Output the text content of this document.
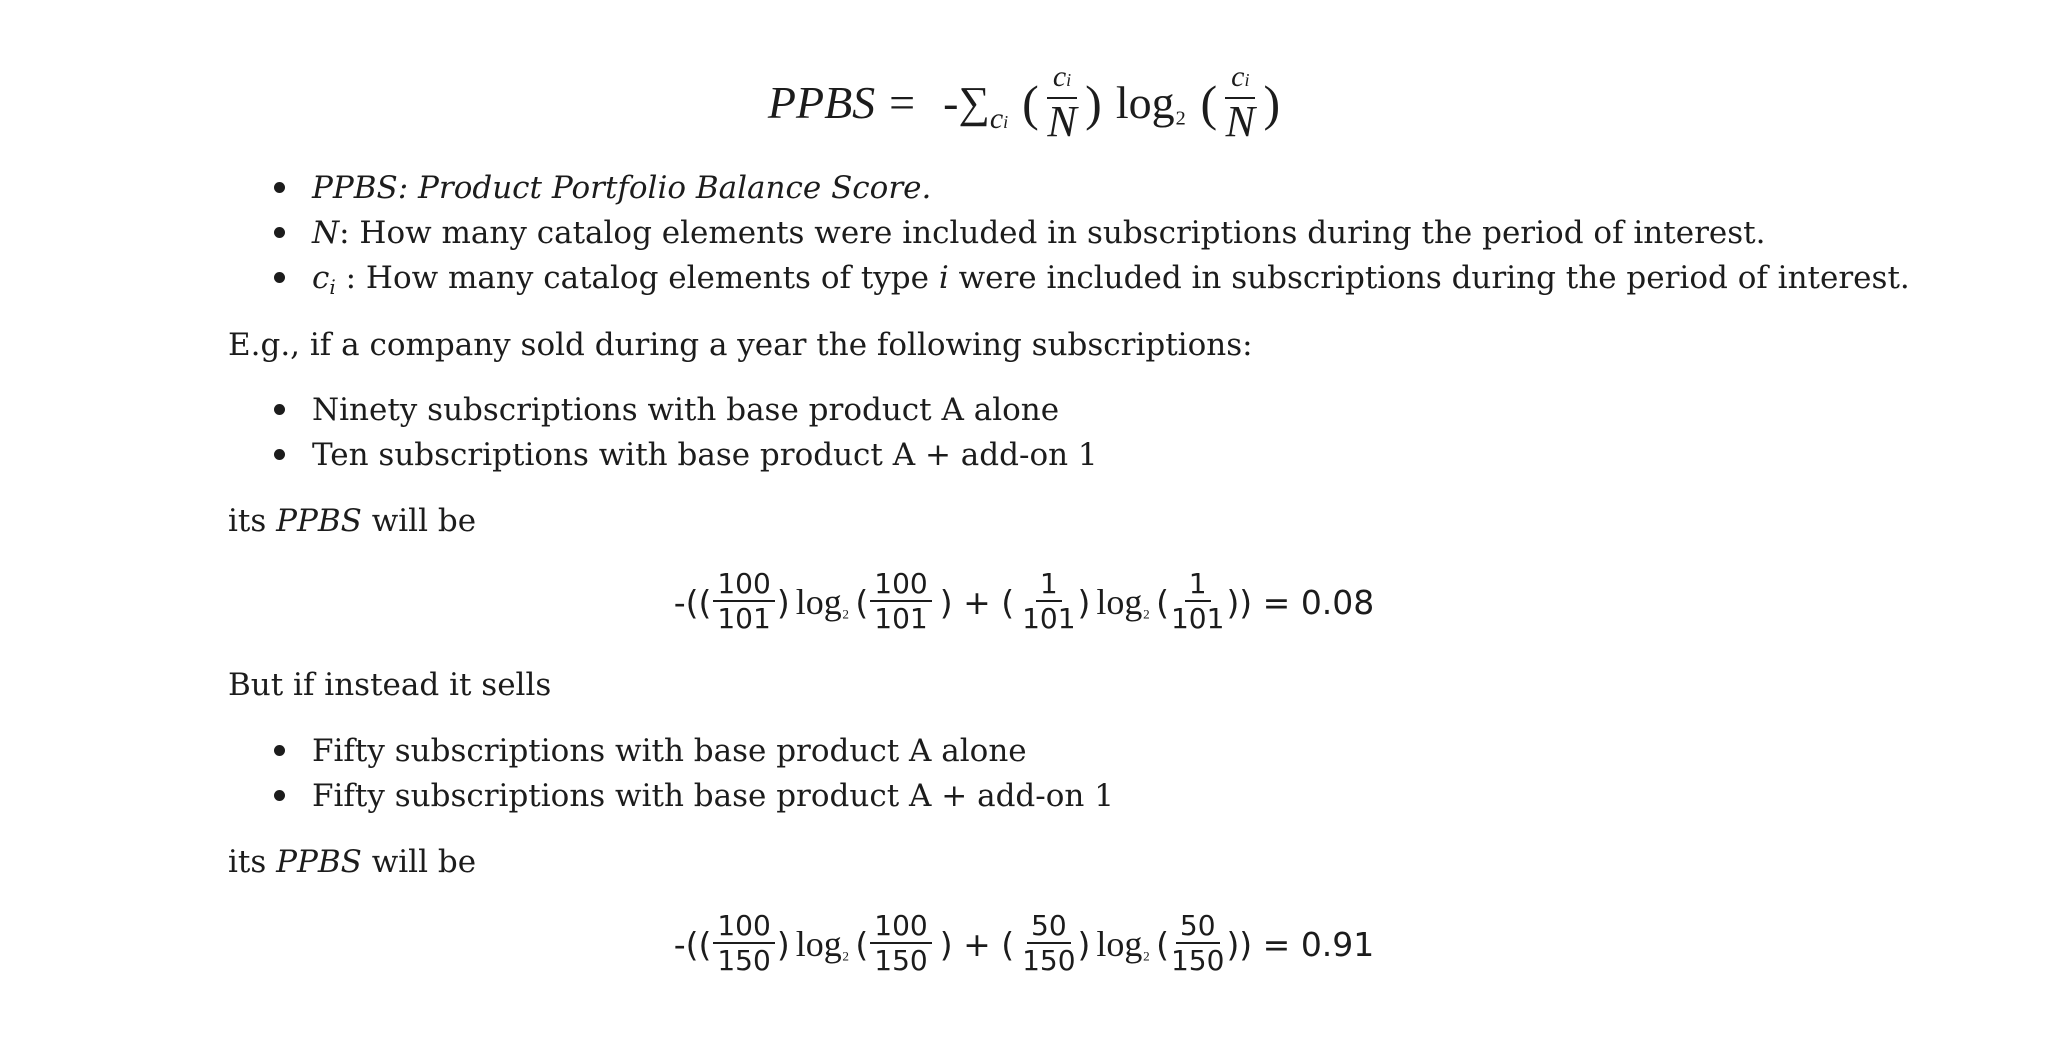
PPBS = - ∑ ci ( $\frac{ci}{N}$ ) log₂ ( $\frac{ci}{N}$ )
PPBS: Product Portfolio Balance Score.
N: How many catalog elements were included in subscriptions during the period of interest.
ci : How many catalog elements of type i were included in subscriptions during the period of interest.
E.g., if a company sold during a year the following subscriptions:
Ninety subscriptions with base product A alone
Ten subscriptions with base product A + add-on 1
its PPBS will be
-(( 100
101 ) log₂ ( 100
101 ) + ( 1
101 ) log₂ ( 1
101 )) = 0.08
But if instead it sells
Fifty subscriptions with base product A alone
Fifty subscriptions with base product A + add-on 1
its PPBS will be
-(( 100
150 ) log₂ ( 100
150 ) + ( 50
150 ) log₂ ( 50
150 )) = 0.91
